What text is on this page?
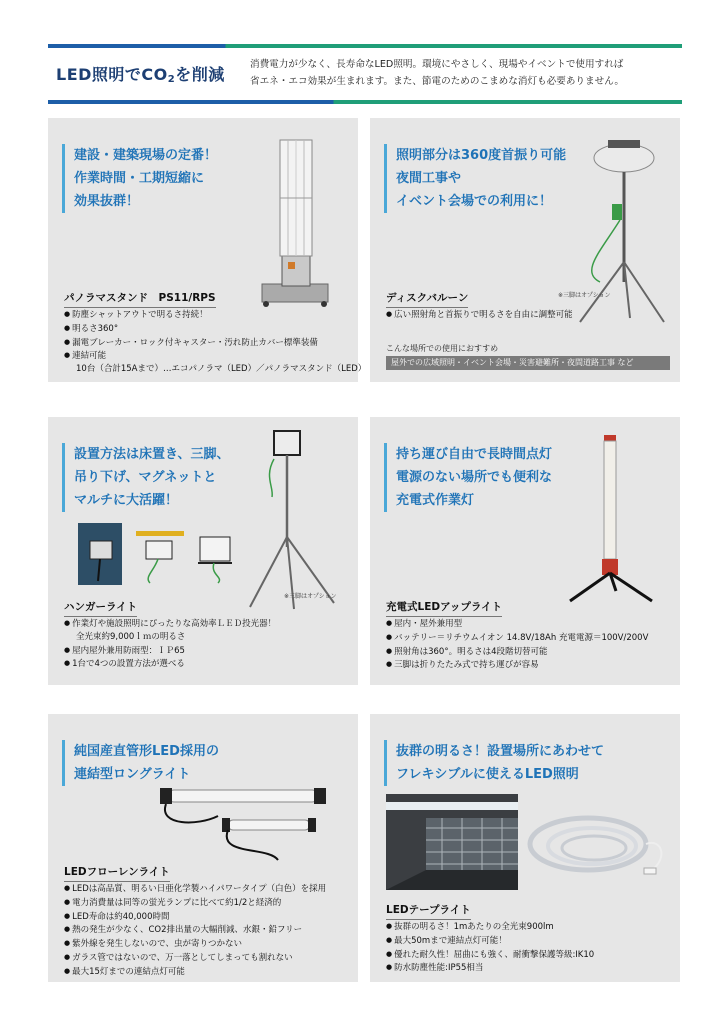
LED照明で$CO_2$を削減
消費電力が少なく、長寿命なLED照明。環境にやさしく、現場やイベントで使用すれば
省エネ・エコ効果が生まれます。また、節電のためのこまめな消灯も必要ありません。
建設・建築現場の定番！
作業時間・工期短縮に
効果抜群！
パノラマスタンド　PS11/RPS
● 防塵シャットアウトで明るさ持続！
● 明るさ360°
● 漏電ブレーカー・ロック付キャスター・汚れ防止カバー標準装備
● 連結可能
10台（合計15Aまで）…エコパノラマ（LED）／パノラマスタンド（LED）
照明部分は360度首振り可能
夜間工事や
イベント会場での利用に！
※三脚はオプション
ディスクバルーン
● 広い照射角と首振りで明るさを自由に調整可能
こんな場所での使用におすすめ
屋外での広域照明・イベント会場・災害避難所・夜間道路工事 など
設置方法は床置き、三脚、
吊り下げ、マグネットと
マルチに大活躍！
※三脚はオプション
ハンガーライト
● 作業灯や施設照明にぴったりな高効率ＬＥＤ投光器！
全光束約9,000ｌｍの明るさ
● 屋内屋外兼用防雨型：ＩＰ65
● 1台で4つの設置方法が選べる
持ち運び自由で長時間点灯
電源のない場所でも便利な
充電式作業灯
充電式LEDアップライト
● 屋内・屋外兼用型
● バッテリー＝リチウムイオン 14.8V/18Ah 充電電源＝100V/200V
● 照射角は360°。明るさは4段階切替可能
● 三脚は折りたたみ式で持ち運びが容易
純国産直管形LED採用の
連結型ロングライト
LEDフローレンライト
● LEDは高品質、明るい日亜化学製ハイパワータイプ（白色）を採用
● 電力消費量は同等の蛍光ランプに比べて約1/2と経済的
● LED寿命は約40,000時間
● 熱の発生が少なく、CO2排出量の大幅削減、水銀・鉛フリー
● 紫外線を発生しないので、虫が寄りつかない
● ガラス管ではないので、万一落としてしまっても割れない
● 最大15灯までの連結点灯可能
抜群の明るさ！設置場所にあわせて
フレキシブルに使えるLED照明
LEDテープライト
● 抜群の明るさ！1mあたりの全光束900lm
● 最大50mまで連結点灯可能！
● 優れた耐久性！屈曲にも強く、耐衝撃保護等級:IK10
● 防水防塵性能:IP55相当
